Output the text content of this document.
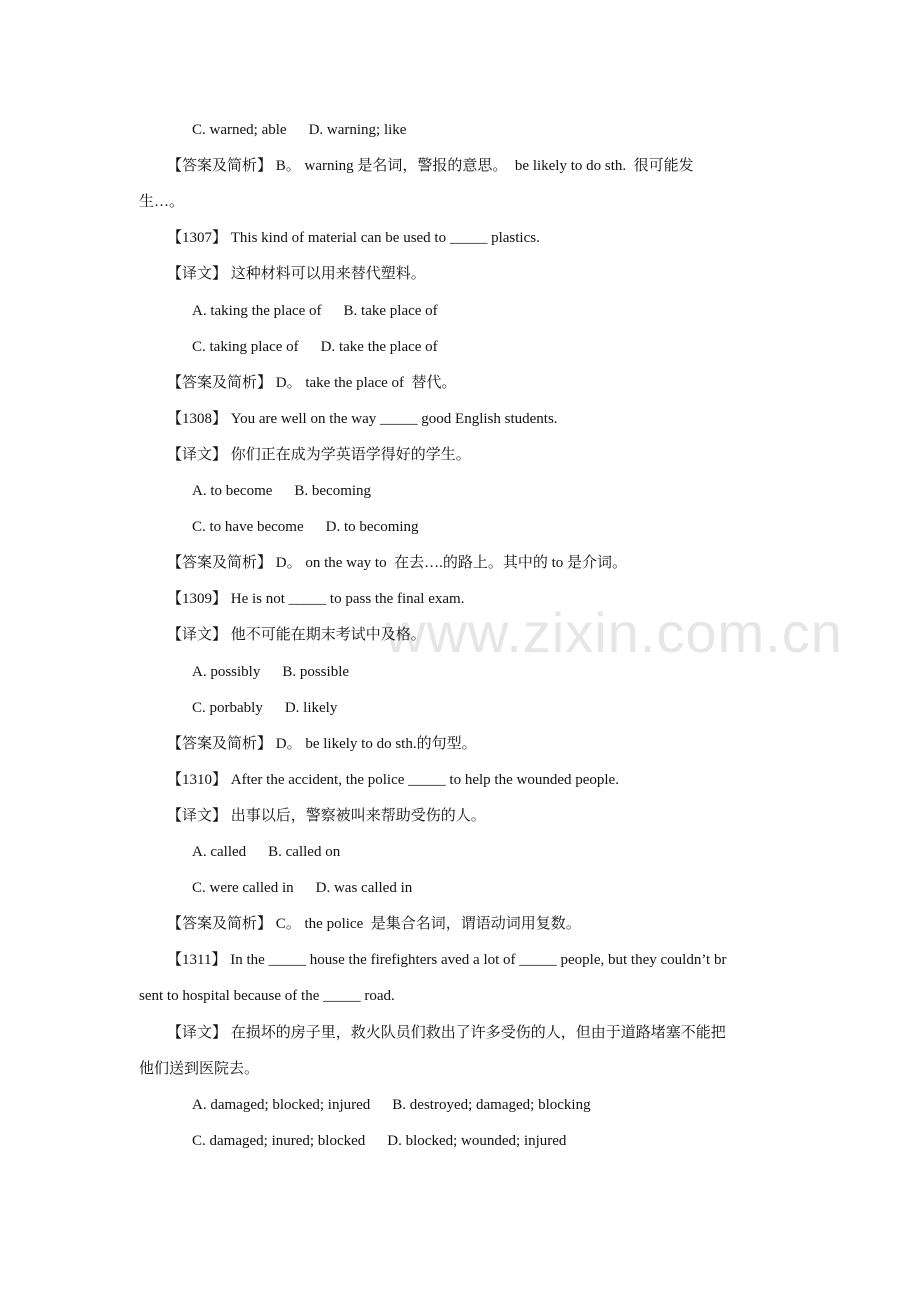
www.zixin.com.cn
C. warned; able D. warning; like
【答案及简析】 B。 warning 是名词，警报的意思。  be likely to do sth.  很可能发
生…。
【1307】 This kind of material can be used to _____ plastics.
【译文】 这种材料可以用来替代塑料。
A. taking the place of B. take place of
C. taking place of D. take the place of
【答案及简析】 D。 take the place of  替代。
【1308】 You are well on the way _____ good English students.
【译文】 你们正在成为学英语学得好的学生。
A. to become B. becoming
C. to have become D. to becoming
【答案及简析】 D。 on the way to  在去….的路上。其中的 to 是介词。
【1309】 He is not _____ to pass the final exam.
【译文】 他不可能在期末考试中及格。
A. possibly B. possible
C. porbably D. likely
【答案及简析】 D。 be likely to do sth.的句型。
【1310】 After the accident, the police _____ to help the wounded people.
【译文】 出事以后，警察被叫来帮助受伤的人。
A. called B. called on
C. were called in D. was called in
【答案及简析】 C。 the police  是集合名词，谓语动词用复数。
【1311】 In the _____ house the firefighters aved a lot of _____ people, but they couldn’t br
sent to hospital because of the _____ road.
【译文】 在损坏的房子里，救火队员们救出了许多受伤的人，但由于道路堵塞不能把
他们送到医院去。
A. damaged; blocked; injured B. destroyed; damaged; blocking
C. damaged; inured; blocked D. blocked; wounded; injured
